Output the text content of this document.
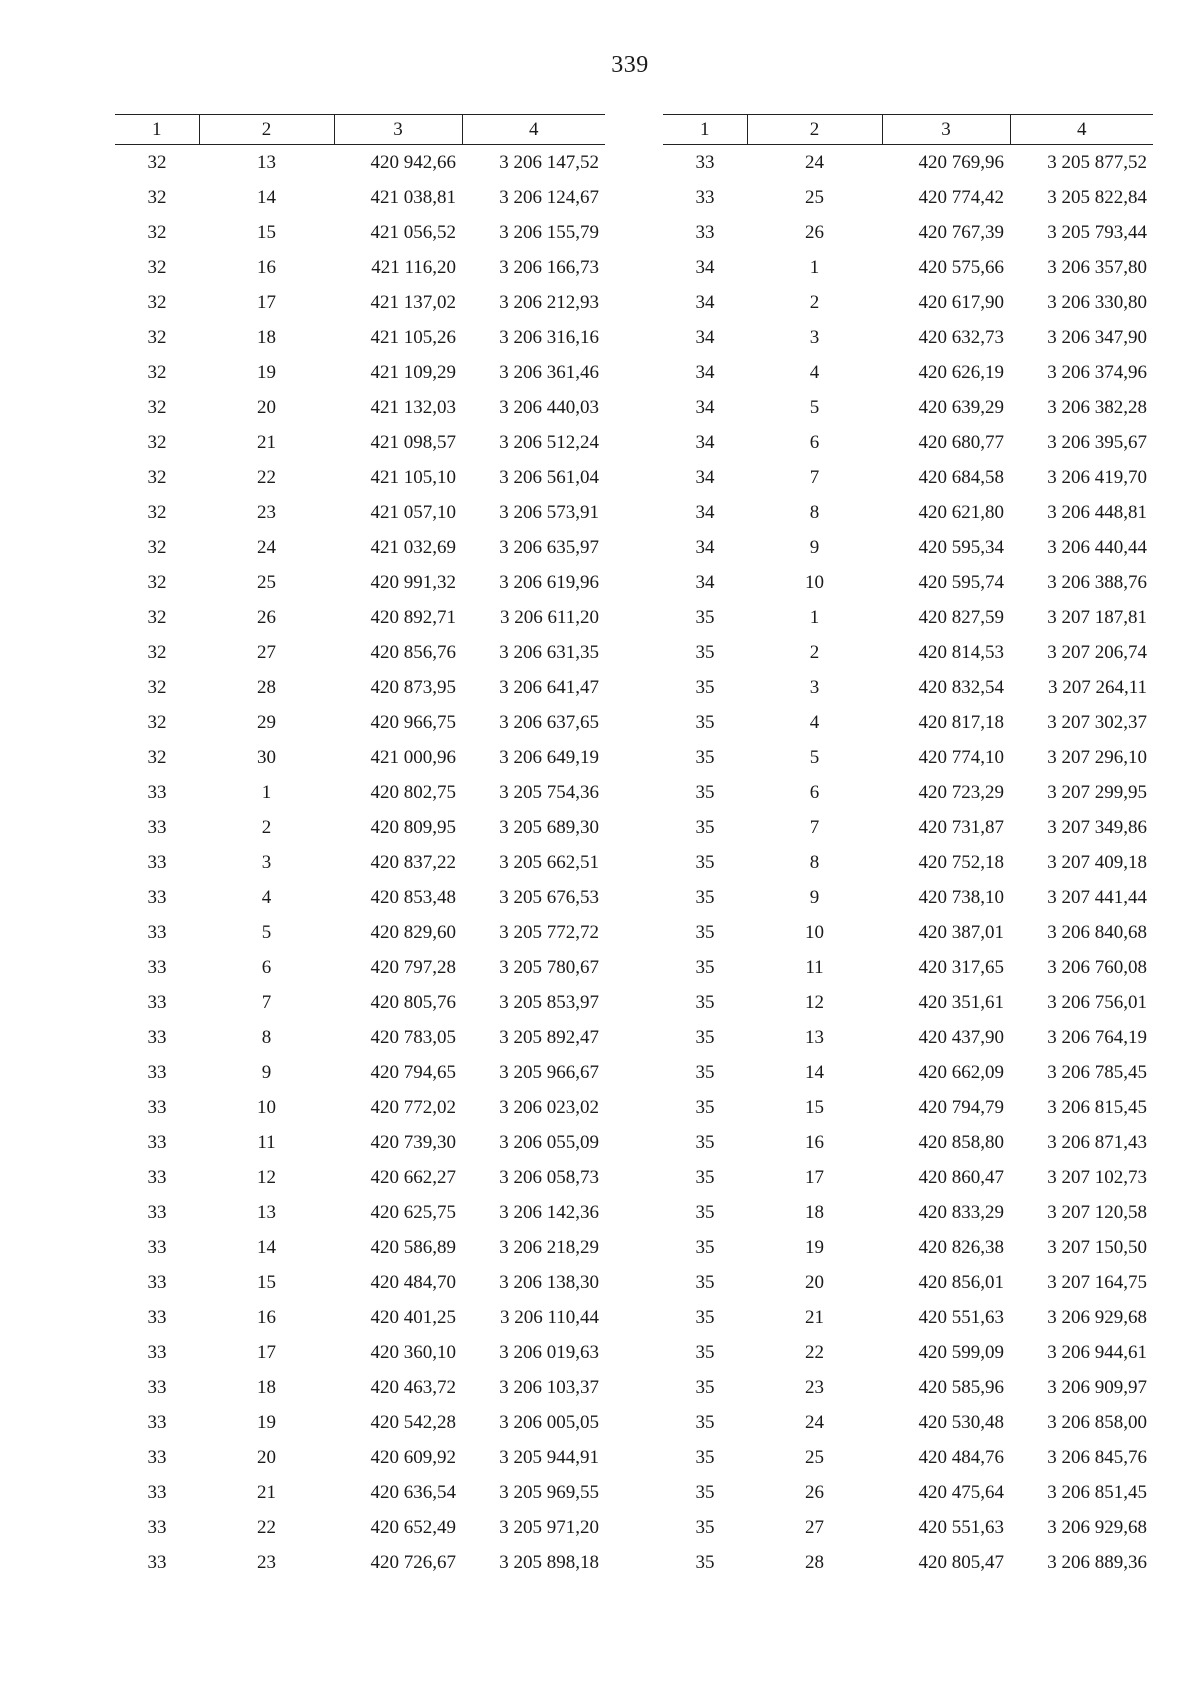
339
1	2	3	4
32	13	420 942,66	3 206 147,52
32	14	421 038,81	3 206 124,67
32	15	421 056,52	3 206 155,79
32	16	421 116,20	3 206 166,73
32	17	421 137,02	3 206 212,93
32	18	421 105,26	3 206 316,16
32	19	421 109,29	3 206 361,46
32	20	421 132,03	3 206 440,03
32	21	421 098,57	3 206 512,24
32	22	421 105,10	3 206 561,04
32	23	421 057,10	3 206 573,91
32	24	421 032,69	3 206 635,97
32	25	420 991,32	3 206 619,96
32	26	420 892,71	3 206 611,20
32	27	420 856,76	3 206 631,35
32	28	420 873,95	3 206 641,47
32	29	420 966,75	3 206 637,65
32	30	421 000,96	3 206 649,19
33	1	420 802,75	3 205 754,36
33	2	420 809,95	3 205 689,30
33	3	420 837,22	3 205 662,51
33	4	420 853,48	3 205 676,53
33	5	420 829,60	3 205 772,72
33	6	420 797,28	3 205 780,67
33	7	420 805,76	3 205 853,97
33	8	420 783,05	3 205 892,47
33	9	420 794,65	3 205 966,67
33	10	420 772,02	3 206 023,02
33	11	420 739,30	3 206 055,09
33	12	420 662,27	3 206 058,73
33	13	420 625,75	3 206 142,36
33	14	420 586,89	3 206 218,29
33	15	420 484,70	3 206 138,30
33	16	420 401,25	3 206 110,44
33	17	420 360,10	3 206 019,63
33	18	420 463,72	3 206 103,37
33	19	420 542,28	3 206 005,05
33	20	420 609,92	3 205 944,91
33	21	420 636,54	3 205 969,55
33	22	420 652,49	3 205 971,20
33	23	420 726,67	3 205 898,18
1	2	3	4
33	24	420 769,96	3 205 877,52
33	25	420 774,42	3 205 822,84
33	26	420 767,39	3 205 793,44
34	1	420 575,66	3 206 357,80
34	2	420 617,90	3 206 330,80
34	3	420 632,73	3 206 347,90
34	4	420 626,19	3 206 374,96
34	5	420 639,29	3 206 382,28
34	6	420 680,77	3 206 395,67
34	7	420 684,58	3 206 419,70
34	8	420 621,80	3 206 448,81
34	9	420 595,34	3 206 440,44
34	10	420 595,74	3 206 388,76
35	1	420 827,59	3 207 187,81
35	2	420 814,53	3 207 206,74
35	3	420 832,54	3 207 264,11
35	4	420 817,18	3 207 302,37
35	5	420 774,10	3 207 296,10
35	6	420 723,29	3 207 299,95
35	7	420 731,87	3 207 349,86
35	8	420 752,18	3 207 409,18
35	9	420 738,10	3 207 441,44
35	10	420 387,01	3 206 840,68
35	11	420 317,65	3 206 760,08
35	12	420 351,61	3 206 756,01
35	13	420 437,90	3 206 764,19
35	14	420 662,09	3 206 785,45
35	15	420 794,79	3 206 815,45
35	16	420 858,80	3 206 871,43
35	17	420 860,47	3 207 102,73
35	18	420 833,29	3 207 120,58
35	19	420 826,38	3 207 150,50
35	20	420 856,01	3 207 164,75
35	21	420 551,63	3 206 929,68
35	22	420 599,09	3 206 944,61
35	23	420 585,96	3 206 909,97
35	24	420 530,48	3 206 858,00
35	25	420 484,76	3 206 845,76
35	26	420 475,64	3 206 851,45
35	27	420 551,63	3 206 929,68
35	28	420 805,47	3 206 889,36
